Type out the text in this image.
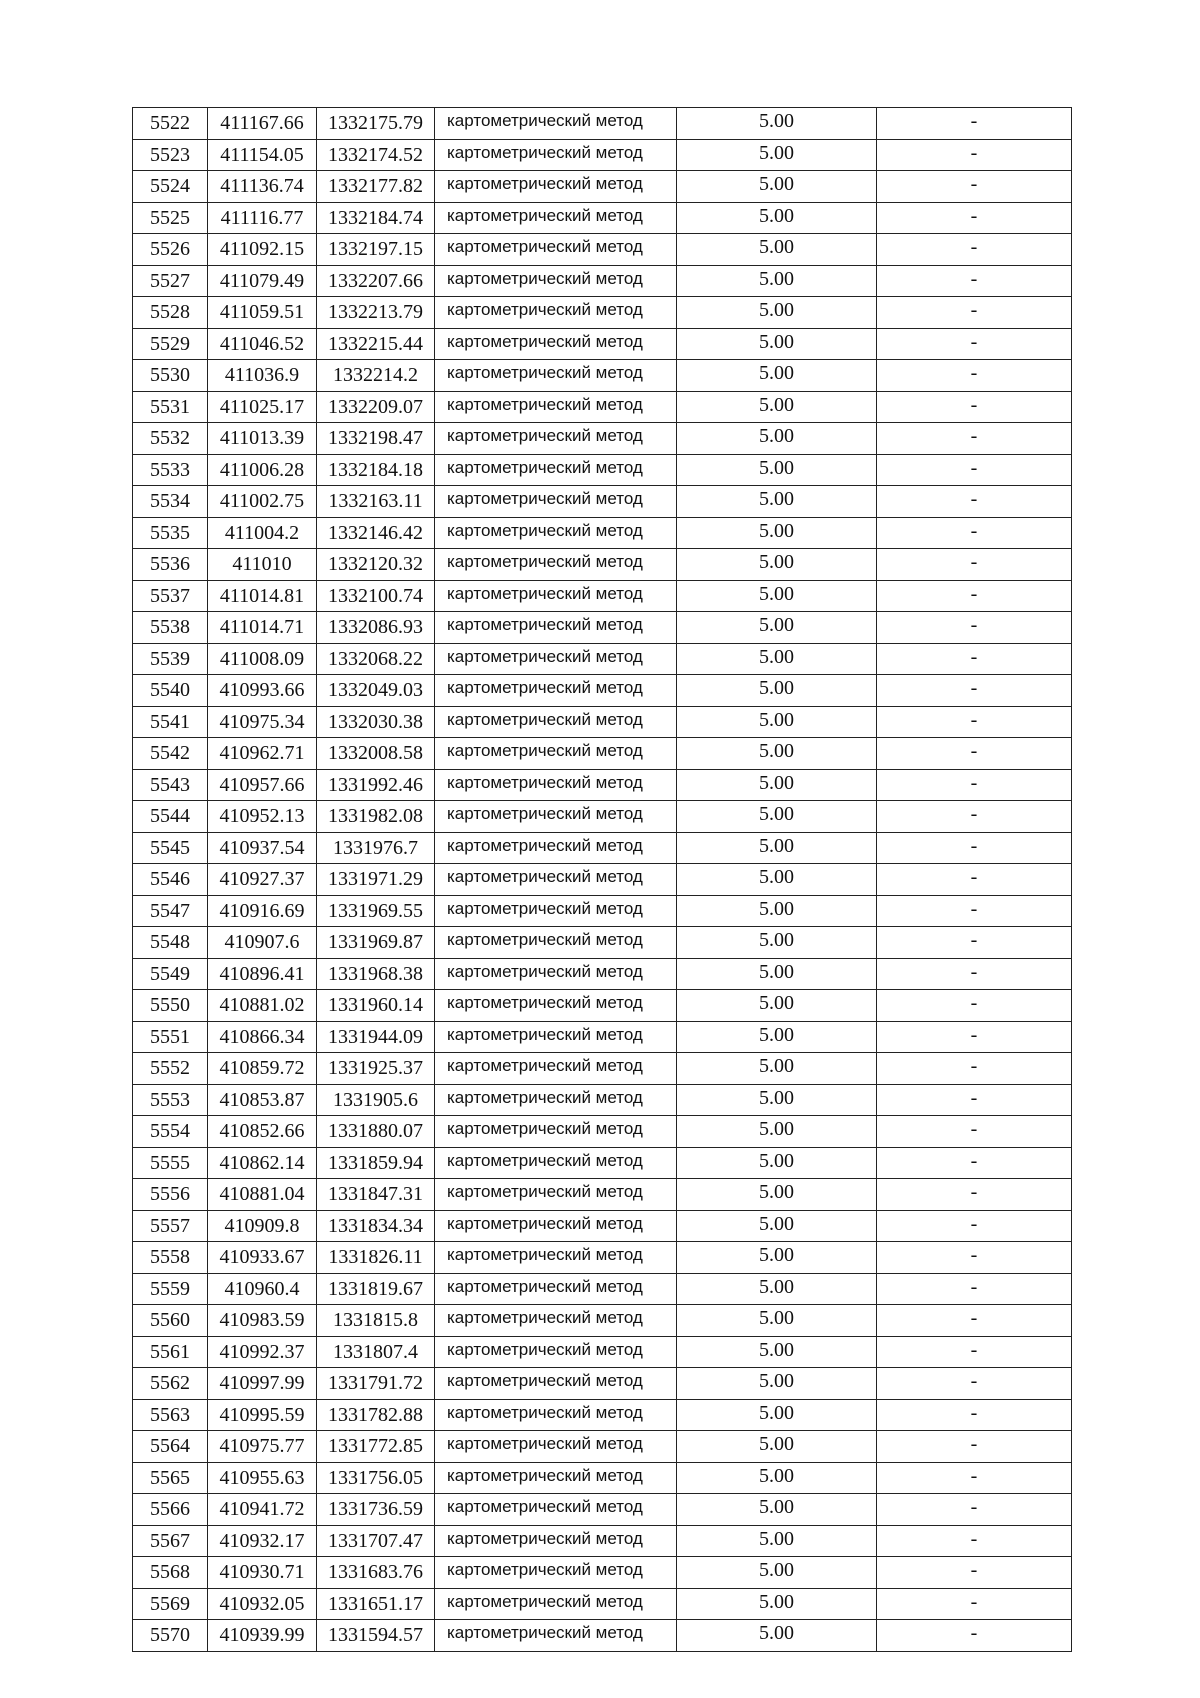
5522	411167.66	1332175.79	картометрический метод	5.00	-
5523	411154.05	1332174.52	картометрический метод	5.00	-
5524	411136.74	1332177.82	картометрический метод	5.00	-
5525	411116.77	1332184.74	картометрический метод	5.00	-
5526	411092.15	1332197.15	картометрический метод	5.00	-
5527	411079.49	1332207.66	картометрический метод	5.00	-
5528	411059.51	1332213.79	картометрический метод	5.00	-
5529	411046.52	1332215.44	картометрический метод	5.00	-
5530	411036.9	1332214.2	картометрический метод	5.00	-
5531	411025.17	1332209.07	картометрический метод	5.00	-
5532	411013.39	1332198.47	картометрический метод	5.00	-
5533	411006.28	1332184.18	картометрический метод	5.00	-
5534	411002.75	1332163.11	картометрический метод	5.00	-
5535	411004.2	1332146.42	картометрический метод	5.00	-
5536	411010	1332120.32	картометрический метод	5.00	-
5537	411014.81	1332100.74	картометрический метод	5.00	-
5538	411014.71	1332086.93	картометрический метод	5.00	-
5539	411008.09	1332068.22	картометрический метод	5.00	-
5540	410993.66	1332049.03	картометрический метод	5.00	-
5541	410975.34	1332030.38	картометрический метод	5.00	-
5542	410962.71	1332008.58	картометрический метод	5.00	-
5543	410957.66	1331992.46	картометрический метод	5.00	-
5544	410952.13	1331982.08	картометрический метод	5.00	-
5545	410937.54	1331976.7	картометрический метод	5.00	-
5546	410927.37	1331971.29	картометрический метод	5.00	-
5547	410916.69	1331969.55	картометрический метод	5.00	-
5548	410907.6	1331969.87	картометрический метод	5.00	-
5549	410896.41	1331968.38	картометрический метод	5.00	-
5550	410881.02	1331960.14	картометрический метод	5.00	-
5551	410866.34	1331944.09	картометрический метод	5.00	-
5552	410859.72	1331925.37	картометрический метод	5.00	-
5553	410853.87	1331905.6	картометрический метод	5.00	-
5554	410852.66	1331880.07	картометрический метод	5.00	-
5555	410862.14	1331859.94	картометрический метод	5.00	-
5556	410881.04	1331847.31	картометрический метод	5.00	-
5557	410909.8	1331834.34	картометрический метод	5.00	-
5558	410933.67	1331826.11	картометрический метод	5.00	-
5559	410960.4	1331819.67	картометрический метод	5.00	-
5560	410983.59	1331815.8	картометрический метод	5.00	-
5561	410992.37	1331807.4	картометрический метод	5.00	-
5562	410997.99	1331791.72	картометрический метод	5.00	-
5563	410995.59	1331782.88	картометрический метод	5.00	-
5564	410975.77	1331772.85	картометрический метод	5.00	-
5565	410955.63	1331756.05	картометрический метод	5.00	-
5566	410941.72	1331736.59	картометрический метод	5.00	-
5567	410932.17	1331707.47	картометрический метод	5.00	-
5568	410930.71	1331683.76	картометрический метод	5.00	-
5569	410932.05	1331651.17	картометрический метод	5.00	-
5570	410939.99	1331594.57	картометрический метод	5.00	-
